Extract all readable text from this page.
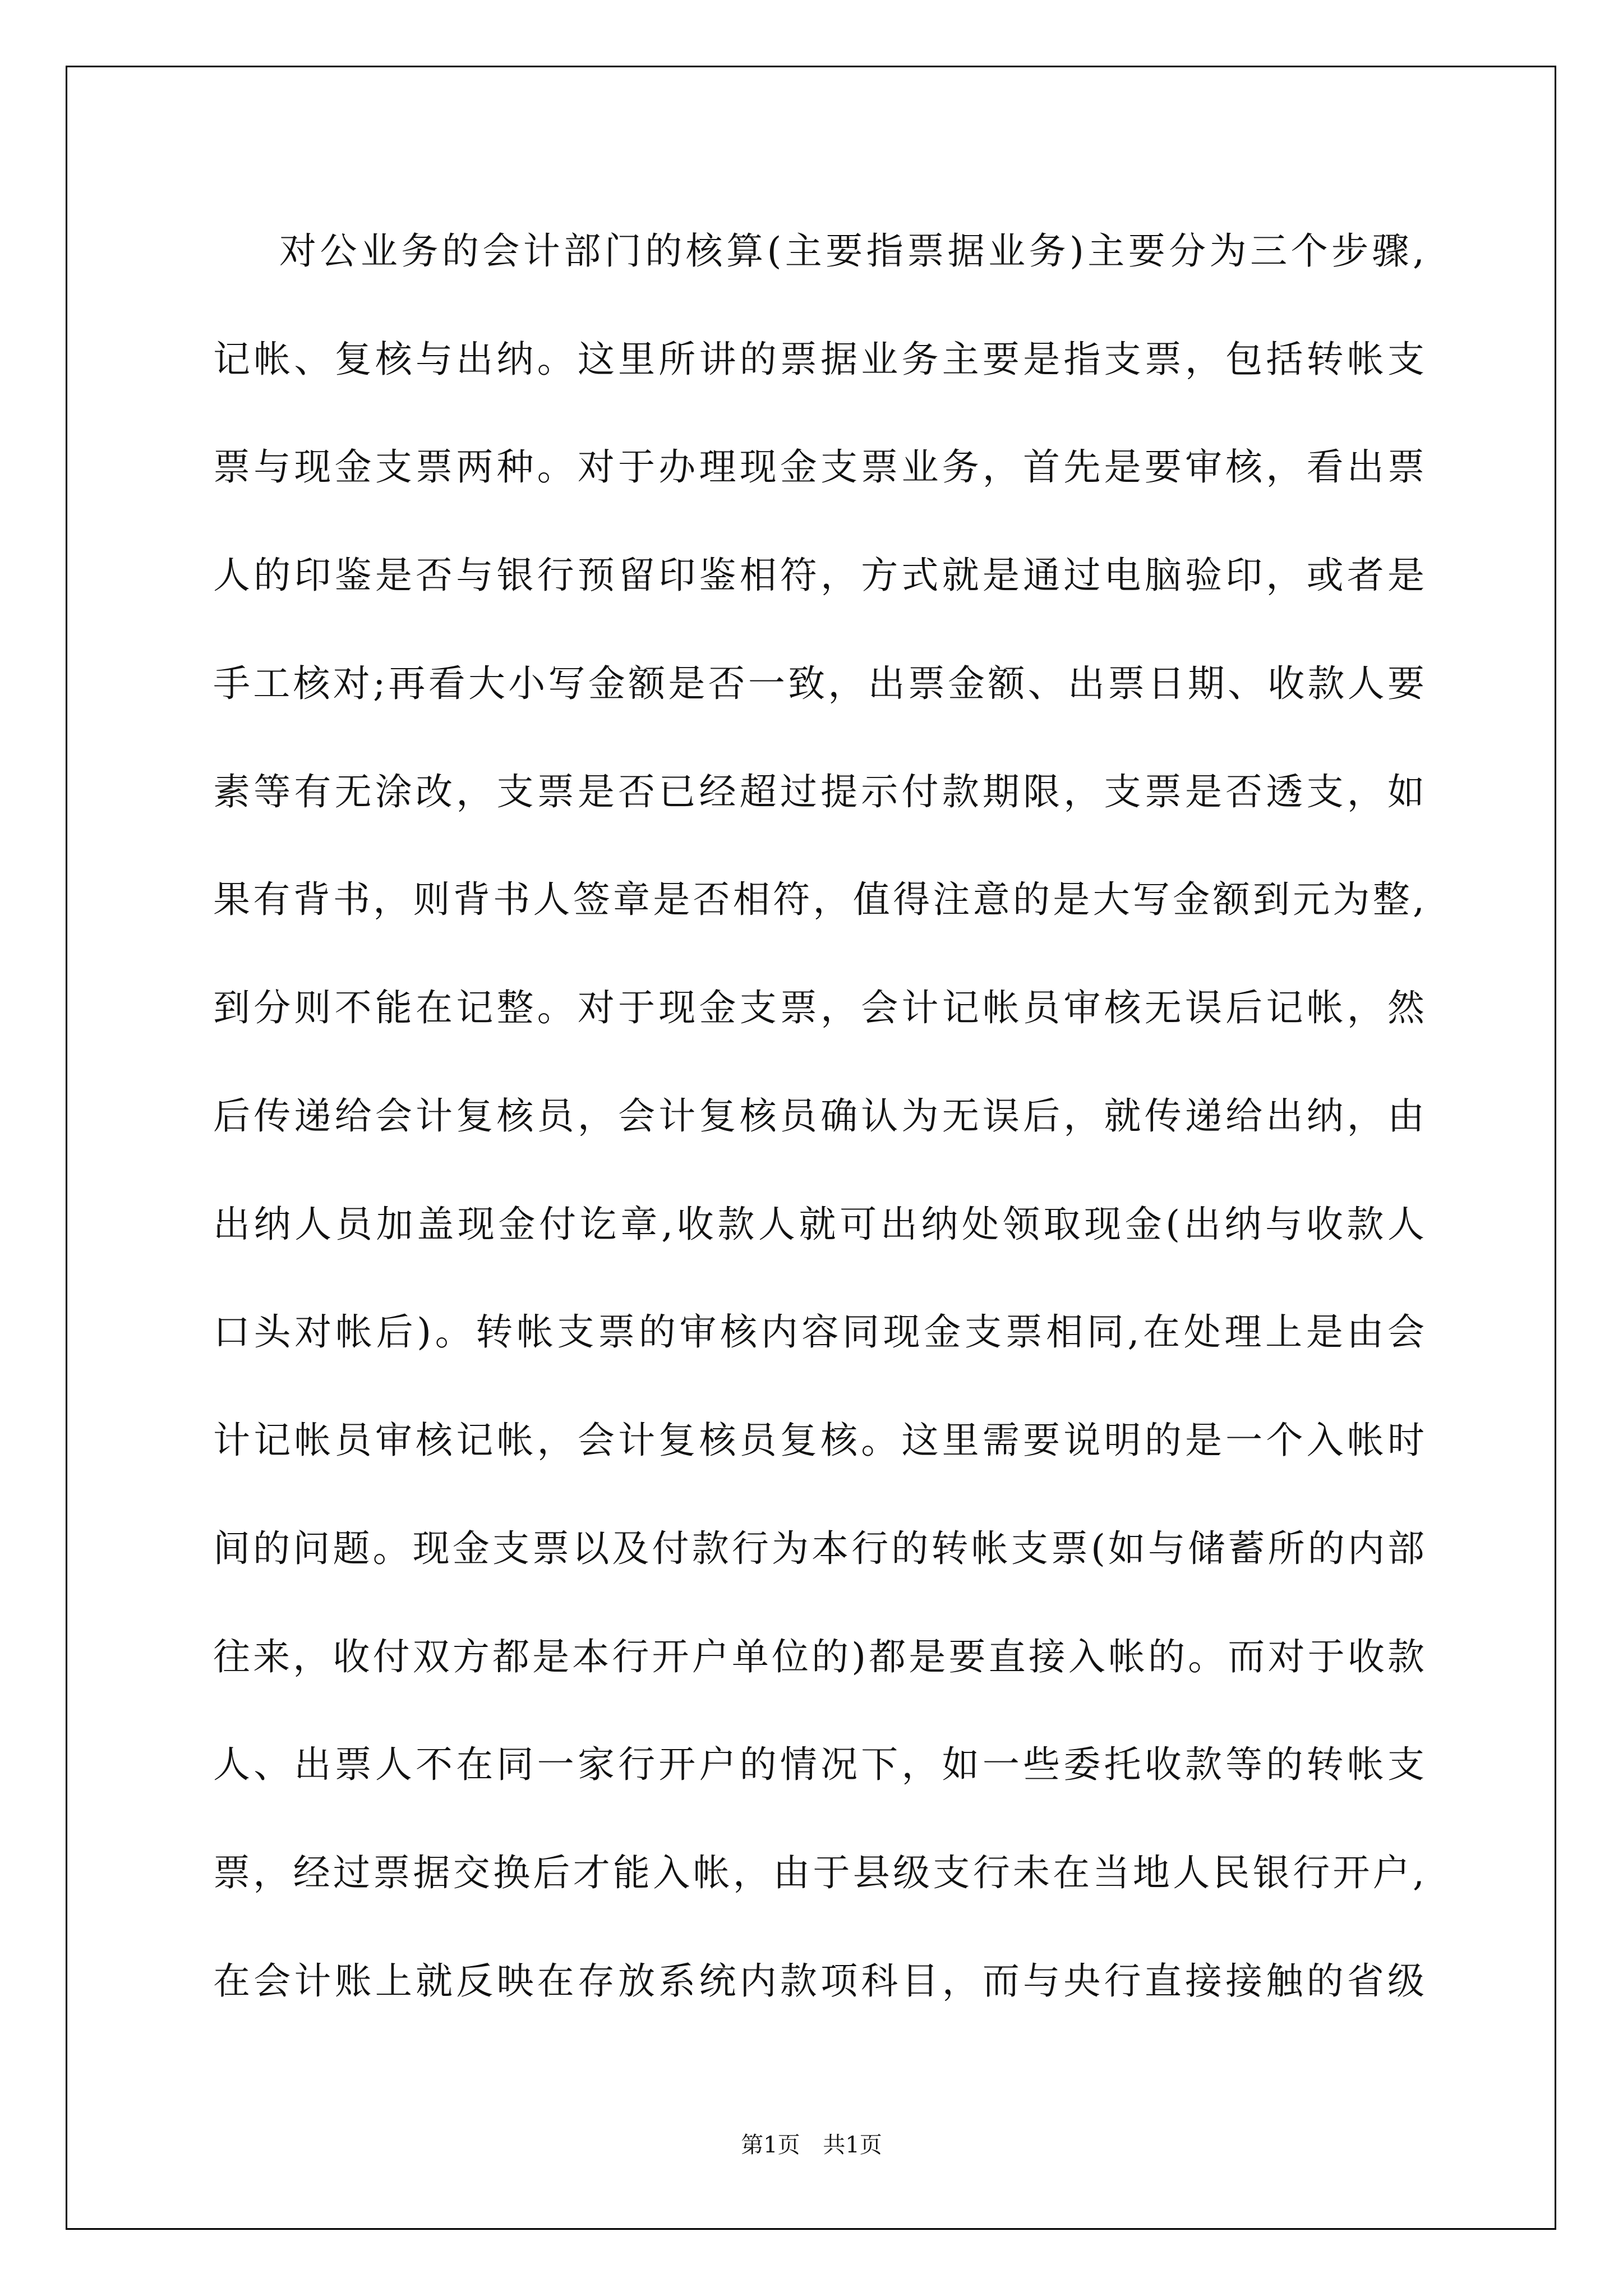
对公业务的会计部门的核算(主要指票据业务)主要分为三个步骤,
记帐、复核与出纳。这里所讲的票据业务主要是指支票，包括转帐支
票与现金支票两种。对于办理现金支票业务，首先是要审核，看出票
人的印鉴是否与银行预留印鉴相符，方式就是通过电脑验印，或者是
手工核对;再看大小写金额是否一致，出票金额、出票日期、收款人要
素等有无涂改，支票是否已经超过提示付款期限，支票是否透支，如
果有背书，则背书人签章是否相符，值得注意的是大写金额到元为整,
到分则不能在记整。对于现金支票，会计记帐员审核无误后记帐，然
后传递给会计复核员，会计复核员确认为无误后，就传递给出纳，由
出纳人员加盖现金付讫章,收款人就可出纳处领取现金(出纳与收款人
口头对帐后)。转帐支票的审核内容同现金支票相同,在处理上是由会
计记帐员审核记帐，会计复核员复核。这里需要说明的是一个入帐时
间的问题。现金支票以及付款行为本行的转帐支票(如与储蓄所的内部
往来，收付双方都是本行开户单位的)都是要直接入帐的。而对于收款
人、出票人不在同一家行开户的情况下，如一些委托收款等的转帐支
票，经过票据交换后才能入帐，由于县级支行未在当地人民银行开户,
在会计账上就反映在存放系统内款项科目，而与央行直接接触的省级
第1页 共1页
